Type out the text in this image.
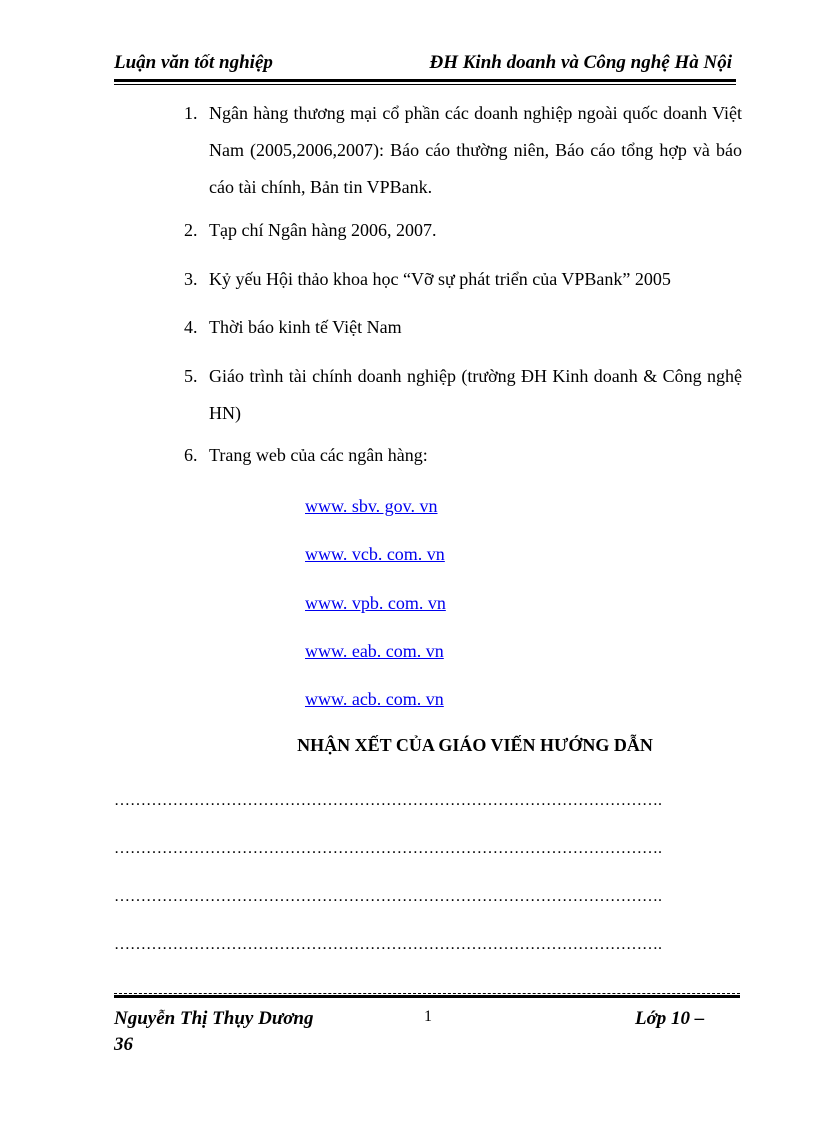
Luận văn tốt nghiệp	ĐH Kinh doanh và Công nghệ Hà Nội
1. Ngân hàng thương mại cổ phần các doanh nghiệp ngoài quốc doanh Việt Nam (2005,2006,2007): Báo cáo thường niên, Báo cáo tổng hợp và báo cáo tài chính, Bản tin VPBank.
2. Tạp chí Ngân hàng 2006, 2007.
3. Kỷ yếu Hội thảo khoa học “Vỡ sự phát triển của VPBank” 2005
4. Thời báo kinh tế Việt Nam
5. Giáo trình tài chính doanh nghiệp (trường ĐH Kinh doanh & Công nghệ HN)
6. Trang web của các ngân hàng:
www. sbv. gov. vn
www. vcb. com. vn
www. vpb. com. vn
www. eab. com. vn
www. acb. com. vn
NHẬN XẾT CỦA GIÁO VIẾN HƯỚNG DẪN
………………………………………………………………………………………….
………………………………………………………………………………………….
………………………………………………………………………………………….
………………………………………………………………………………………….
Nguyễn Thị Thụy Dương	1	Lớp 10 –
36
